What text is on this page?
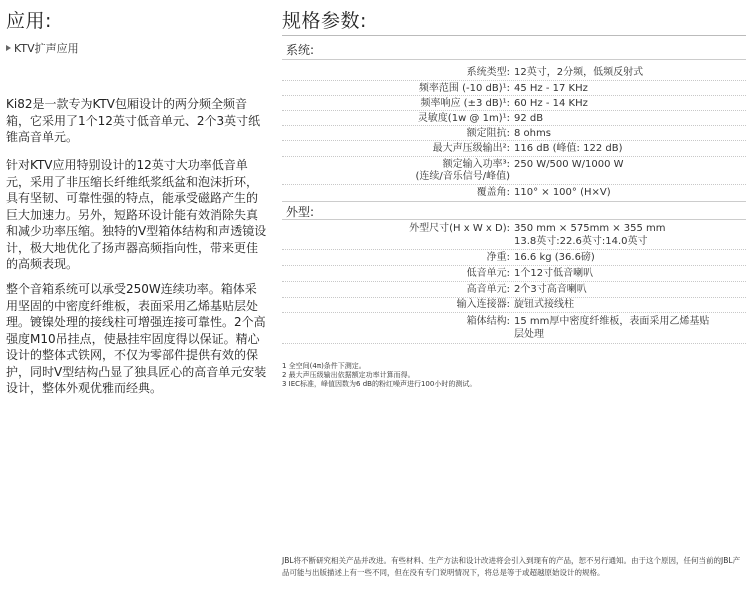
应用:
KTV扩声应用

Ki82是一款专为KTV包厢设计的两分频全频音箱，它采用了1个12英寸低音单元、2个3英寸纸锥高音单元。

针对KTV应用特别设计的12英寸大功率低音单元，采用了非压缩长纤维纸浆纸盆和泡沫折环，具有坚韧、可靠性强的特点，能承受磁路产生的巨大加速力。另外，短路环设计能有效消除失真和减少功率压缩。独特的V型箱体结构和声透镜设计，极大地优化了扬声器高频指向性，带来更佳的高频表现。

整个音箱系统可以承受250W连续功率。箱体采用坚固的中密度纤维板，表面采用乙烯基贴层处理。镀镍处理的接线柱可增强连接可靠性。2个高强度M10吊挂点，使悬挂牢固度得以保证。精心设计的整体式铁网，不仅为零部件提供有效的保护，同时V型结构凸显了独具匠心的高音单元安装设计，整体外观优雅而经典。

规格参数:
系统:
系统类型: 12英寸，2分频，低频反射式
频率范围 (-10 dB)¹: 45 Hz - 17 KHz
频率响应 (±3 dB)¹: 60 Hz - 14 KHz
灵敏度(1w @ 1m)¹: 92 dB
额定阻抗: 8 ohms
最大声压级输出²: 116 dB (峰值: 122 dB)
额定输入功率³:
(连续/音乐信号/峰值)
250 W/500 W/1000 W
覆盖角: 110° × 100° (H×V)
外型:
外型尺寸(H x W x D): 350 mm × 575mm × 355 mm
13.8英寸:22.6英寸:14.0英寸
净重: 16.6 kg (36.6磅)
低音单元: 1个12寸低音喇叭
高音单元: 2个3寸高音喇叭
输入连接器: 旋钮式接线柱
箱体结构: 15 mm厚中密度纤维板，表面采用乙烯基贴
层处理
1 全空间(4π)条件下测定。
2 最大声压级输出依据额定功率计算而得。
3 IEC标准，峰值因数为6 dB的粉红噪声进行100小时的测试。
JBL将不断研究相关产品并改进。有些材料、生产方法和设计改进将会引入到现有的产品，恕不另行通知。由于这个原因，任何当前的JBL产品可能与出版描述上有一些不同，但在没有专门说明情况下，将总是等于或超越原始设计的规格。
